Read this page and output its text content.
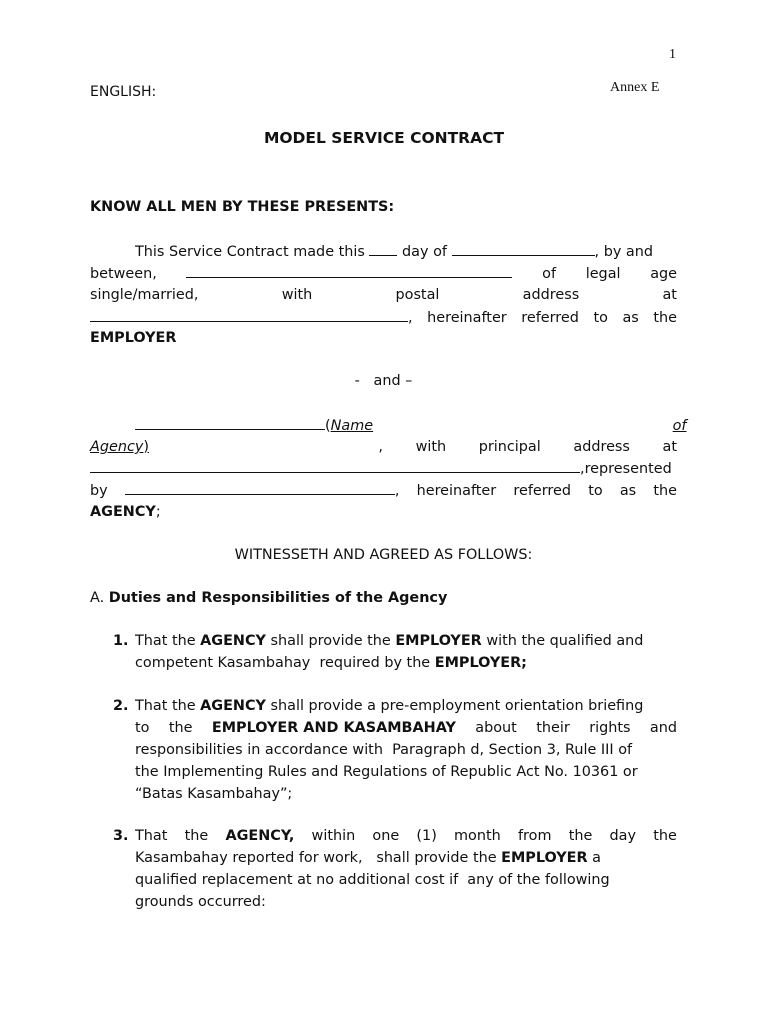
1
ENGLISH:	Annex E
MODEL SERVICE CONTRACT
KNOW ALL MEN BY THESE PRESENTS:
This Service Contract made this	day of	, by and
between,	of legal age
single/married,	with	postal	address	at
, hereinafter referred to as the
EMPLOYER
-   and –
(Name	of
Agency)	, with principal address at
,represented
by	, hereinafter referred to as the
AGENCY;
WITNESSETH AND AGREED AS FOLLOWS:
A. Duties and Responsibilities of the Agency
1. That the AGENCY shall provide the EMPLOYER with the qualified and
competent Kasambahay  required by the EMPLOYER;
2. That the AGENCY shall provide a pre-employment orientation briefing
to the EMPLOYER AND KASAMBAHAY about their rights and
responsibilities in accordance with  Paragraph d, Section 3, Rule III of
the Implementing Rules and Regulations of Republic Act No. 10361 or
“Batas Kasambahay”;
3. That the AGENCY, within one (1) month from the day the
Kasambahay reported for work,   shall provide the EMPLOYER a
qualified replacement at no additional cost if  any of the following
grounds occurred:
